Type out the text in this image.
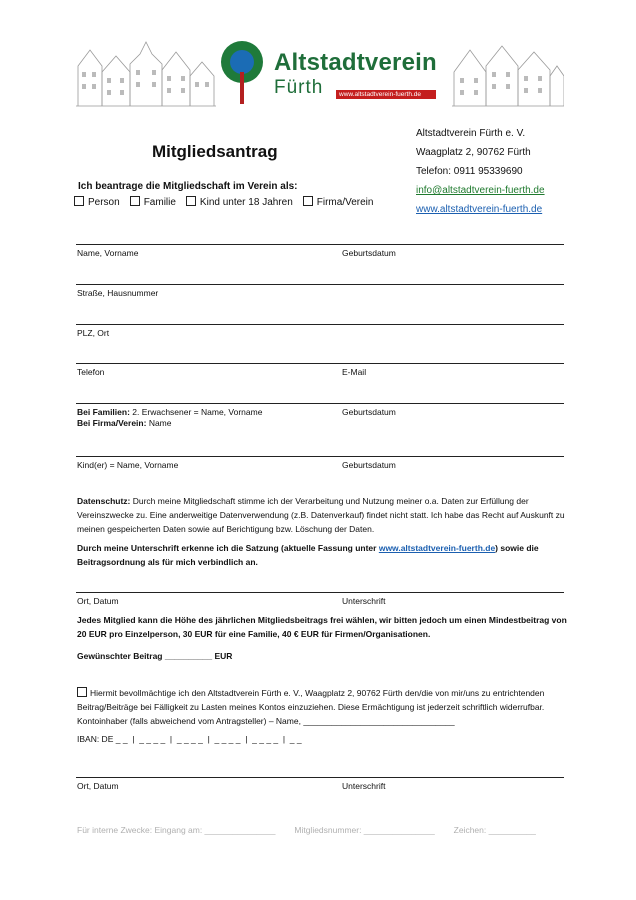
Altstadtverein
Fürth	www.altstadtverein-fuerth.de
Mitgliedsantrag
Altstadtverein Fürth e. V.
Waagplatz 2, 90762 Fürth
Telefon: 0911 95339690
info@altstadtverein-fuerth.de
www.altstadtverein-fuerth.de
Ich beantrage die Mitgliedschaft im Verein als:
Person	Familie	Kind unter 18 Jahren	Firma/Verein
Name, Vorname	Geburtsdatum
Straße, Hausnummer
PLZ, Ort
Telefon	E-Mail
Bei Familien: 2. Erwachsener = Name, Vorname
Bei Firma/Verein: Name
Geburtsdatum
Kind(er) = Name, Vorname	Geburtsdatum
Datenschutz: Durch meine Mitgliedschaft stimme ich der Verarbeitung und Nutzung meiner o.a. Daten zur Erfüllung der Vereinszwecke zu. Eine anderweitige Datenverwendung (z.B. Datenverkauf) findet nicht statt. Ich habe das Recht auf Auskunft zu meinen gespeicherten Daten sowie auf Berichtigung bzw. Löschung der Daten.
Durch meine Unterschrift erkenne ich die Satzung (aktuelle Fassung unter www.altstadtverein-fuerth.de) sowie die Beitragsordnung als für mich verbindlich an.
Ort, Datum	Unterschrift
Jedes Mitglied kann die Höhe des jährlichen Mitgliedsbeitrags frei wählen, wir bitten jedoch um einen Mindestbeitrag von 20 EUR pro Einzelperson, 30 EUR für eine Familie, 40 € EUR für Firmen/Organisationen.
Gewünschter Beitrag __________ EUR
Hiermit bevollmächtige ich den Altstadtverein Fürth e. V., Waagplatz 2, 90762 Fürth den/die von mir/uns zu entrichtenden Beitrag/Beiträge bei Fälligkeit zu Lasten meines Kontos einzuziehen. Diese Ermächtigung ist jederzeit schriftlich widerrufbar. Kontoinhaber (falls abweichend vom Antragsteller) – Name, ________________________________
IBAN: DE _ _  |  _ _ _ _  |  _ _ _ _  |  _ _ _ _  |  _ _ _ _  |  _ _
Ort, Datum	Unterschrift
Für interne Zwecke: Eingang am: _______________ Mitgliedsnummer: _______________ Zeichen: __________
